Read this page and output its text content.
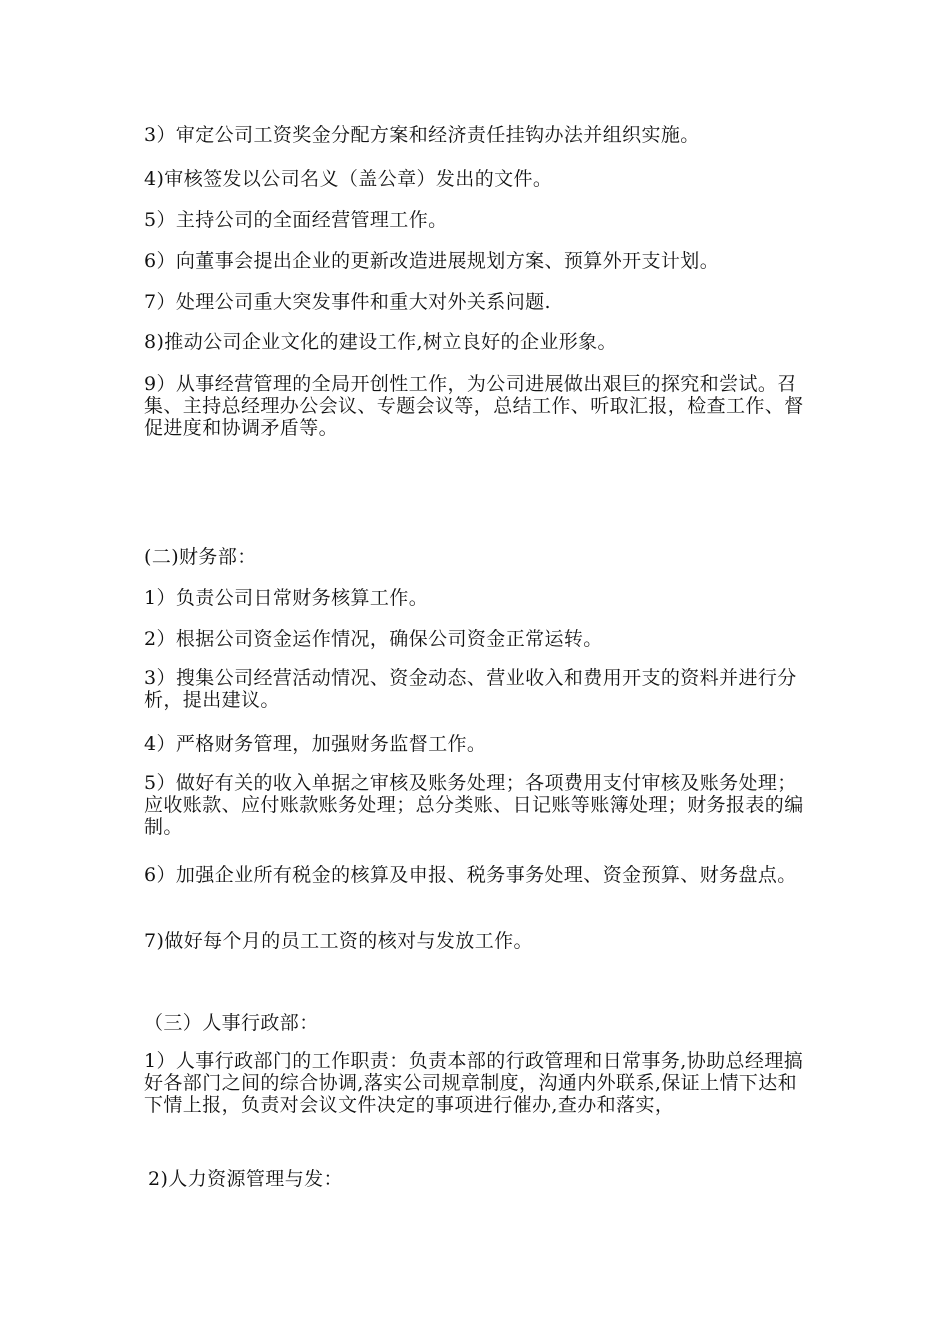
3）审定公司工资奖金分配方案和经济责任挂钩办法并组织实施。

4)审核签发以公司名义（盖公章）发出的文件。

5）主持公司的全面经营管理工作。

6）向董事会提出企业的更新改造进展规划方案、预算外开支计划。

7）处理公司重大突发事件和重大对外关系问题.

8)推动公司企业文化的建设工作,树立良好的企业形象。

9）从事经营管理的全局开创性工作，为公司进展做出艰巨的探究和尝试。召集、主持总经理办公会议、专题会议等，总结工作、听取汇报，检查工作、督促进度和协调矛盾等。

(二)财务部：

1）负责公司日常财务核算工作。

2）根据公司资金运作情况，确保公司资金正常运转。

3）搜集公司经营活动情况、资金动态、营业收入和费用开支的资料并进行分析，提出建议。

4）严格财务管理，加强财务监督工作。

5）做好有关的收入单据之审核及账务处理；各项费用支付审核及账务处理；应收账款、应付账款账务处理；总分类账、日记账等账簿处理；财务报表的编制。

6）加强企业所有税金的核算及申报、税务事务处理、资金预算、财务盘点。

7)做好每个月的员工工资的核对与发放工作。

（三）人事行政部：

1）人事行政部门的工作职责：负责本部的行政管理和日常事务,协助总经理搞好各部门之间的综合协调,落实公司规章制度，沟通内外联系,保证上情下达和下情上报，负责对会议文件决定的事项进行催办,查办和落实，

2)人力资源管理与发：
